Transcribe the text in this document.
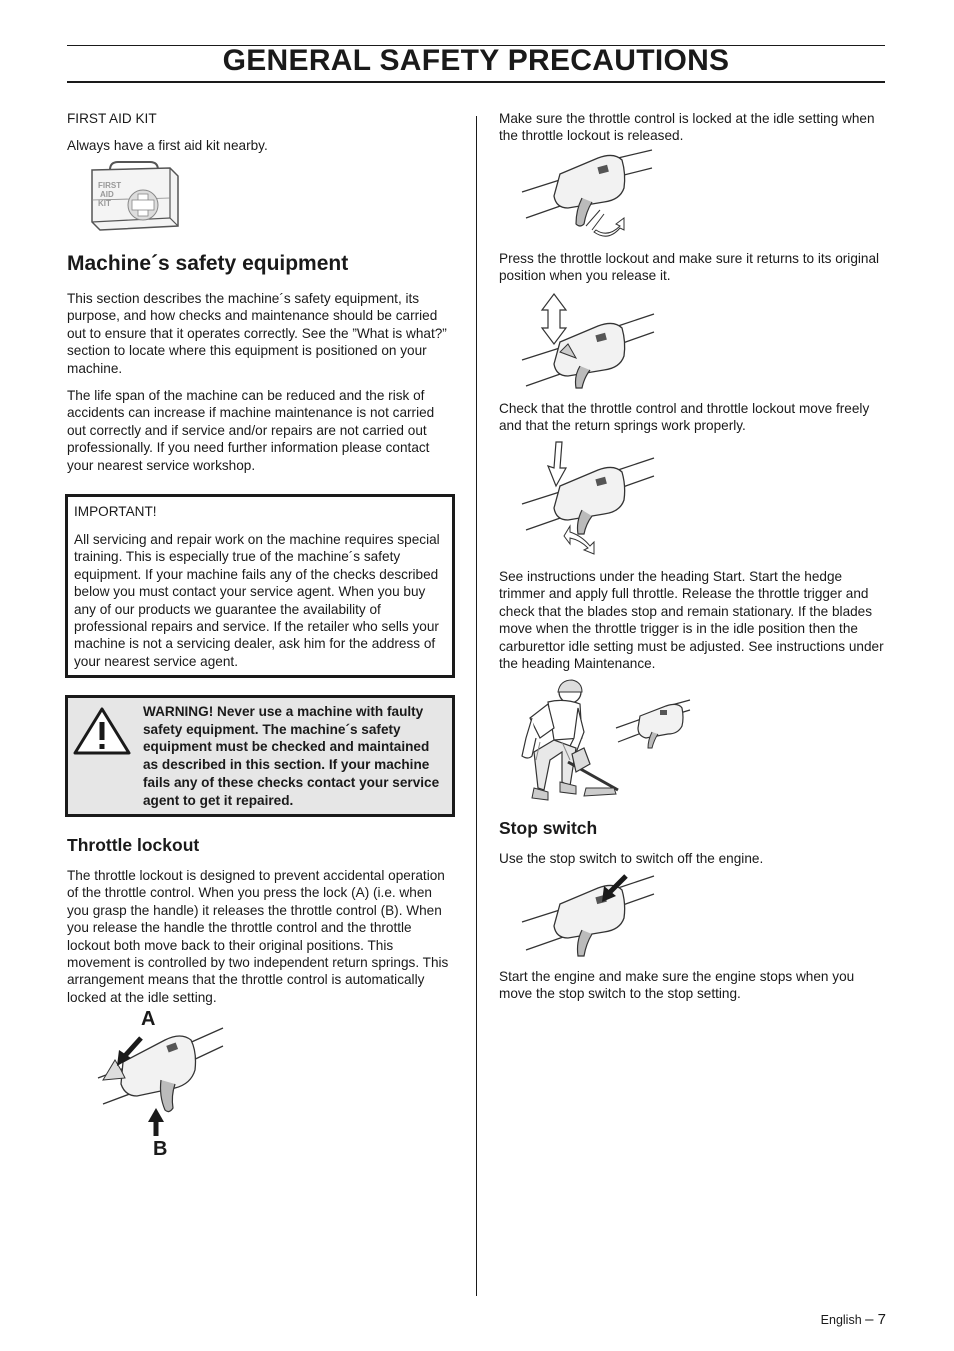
GENERAL SAFETY PRECAUTIONS

FIRST AID KIT

Always have a first aid kit nearby.

FIRST
AID
KIT
Machine´s safety equipment

This section describes the machine´s safety equipment, its purpose, and how checks and maintenance should be carried out to ensure that it operates correctly. See the ”What is what?” section to locate where this equipment is positioned on your machine.

The life span of the machine can be reduced and the risk of accidents can increase if machine maintenance is not carried out correctly and if service and/or repairs are not carried out professionally. If you need further information please contact your nearest service workshop.

IMPORTANT!

All servicing and repair work on the machine requires special training. This is especially true of the machine´s safety equipment. If your machine fails any of the checks described below you must contact your service agent. When you buy any of our products we guarantee the availability of professional repairs and service. If the retailer who sells your machine is not a servicing dealer, ask him for the address of your nearest service agent.

WARNING! Never use a machine with faulty safety equipment. The machine´s safety equipment must be checked and maintained as described in this section. If your machine fails any of these checks contact your service agent to get it repaired.
Throttle lockout

The throttle lockout is designed to prevent accidental operation of the throttle control. When you press the lock (A) (i.e. when you grasp the handle) it releases the throttle control (B). When you release the handle the throttle control and the throttle lockout both move back to their original positions. This movement is controlled by two independent return springs. This arrangement means that the throttle control is automatically locked at the idle setting.

A
B

Make sure the throttle control is locked at the idle setting when the throttle lockout is released.

Press the throttle lockout and make sure it returns to its original position when you release it.

Check that the throttle control and throttle lockout move freely and that the return springs work properly.

See instructions under the heading Start. Start the hedge trimmer and apply full throttle. Release the throttle trigger and check that the blades stop and remain stationary. If the blades move when the throttle trigger is in the idle position then the carburettor idle setting must be adjusted. See instructions under the heading Maintenance.

Stop switch

Use the stop switch to switch off the engine.

Start the engine and make sure the engine stops when you move the stop switch to the stop setting.

English – 7
